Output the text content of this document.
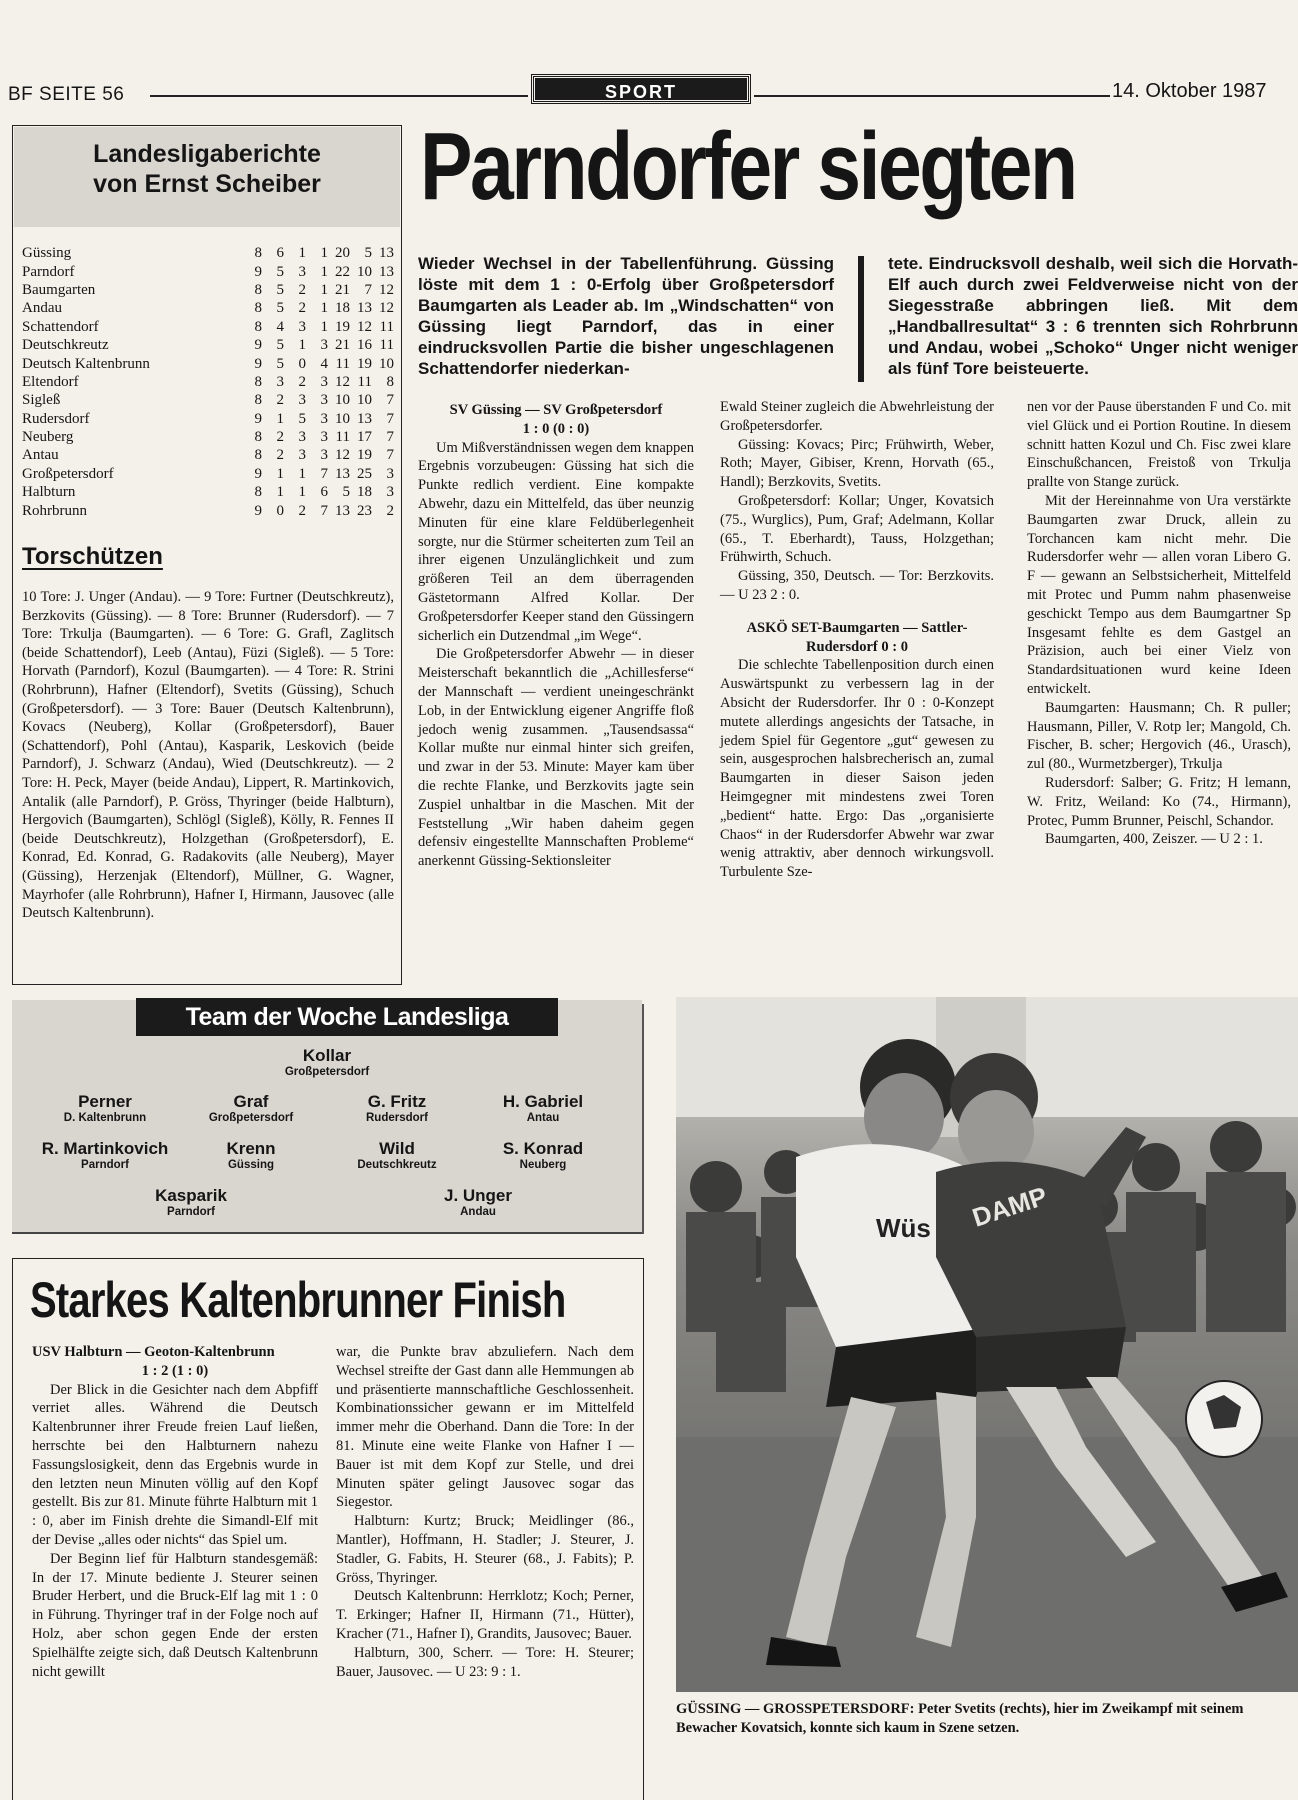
BF SEITE 56	SPORT	14. Oktober 1987
Landesligaberichte
von Ernst Scheiber
Güssing	8	6	1	1	20	5	13
Parndorf	9	5	3	1	22	10	13
Baumgarten	8	5	2	1	21	7	12
Andau	8	5	2	1	18	13	12
Schattendorf	8	4	3	1	19	12	11
Deutschkreutz	9	5	1	3	21	16	11
Deutsch Kaltenbrunn	9	5	0	4	11	19	10
Eltendorf	8	3	2	3	12	11	8
Sigleß	8	2	3	3	10	10	7
Rudersdorf	9	1	5	3	10	13	7
Neuberg	8	2	3	3	11	17	7
Antau	8	2	3	3	12	19	7
Großpetersdorf	9	1	1	7	13	25	3
Halbturn	8	1	1	6	5	18	3
Rohrbrunn	9	0	2	7	13	23	2
Torschützen
10 Tore: J. Unger (Andau). — 9 Tore: Furtner (Deutschkreutz), Berzkovits (Güssing). — 8 Tore: Brunner (Rudersdorf). — 7 Tore: Trkulja (Baumgarten). — 6 Tore: G. Grafl, Zaglitsch (beide Schattendorf), Leeb (Antau), Füzi (Sigleß). — 5 Tore: Horvath (Parndorf), Kozul (Baumgarten). — 4 Tore: R. Strini (Rohrbrunn), Hafner (Eltendorf), Svetits (Güssing), Schuch (Großpetersdorf). — 3 Tore: Bauer (Deutsch Kaltenbrunn), Kovacs (Neuberg), Kollar (Großpetersdorf), Bauer (Schattendorf), Pohl (Antau), Kasparik, Leskovich (beide Parndorf), J. Schwarz (Andau), Wied (Deutschkreutz). — 2 Tore: H. Peck, Mayer (beide Andau), Lippert, R. Martinkovich, Antalik (alle Parndorf), P. Gröss, Thyringer (beide Halbturn), Hergovich (Baumgarten), Schlögl (Sigleß), Kölly, R. Fennes II (beide Deutschkreutz), Holzgethan (Großpetersdorf), E. Konrad, Ed. Konrad, G. Radakovits (alle Neuberg), Mayer (Güssing), Herzenjak (Eltendorf), Müllner, G. Wagner, Mayrhofer (alle Rohrbrunn), Hafner I, Hirmann, Jausovec (alle Deutsch Kaltenbrunn).
Parndorfer siegten
Wieder Wechsel in der Tabellenführung. Güssing löste mit dem 1 : 0-Erfolg über Großpetersdorf Baumgarten als Leader ab. Im „Windschatten“ von Güssing liegt Parndorf, das in einer eindrucksvollen Partie die bisher ungeschlagenen Schattendorfer niederkan-
tete. Eindrucksvoll deshalb, weil sich die Horvath-Elf auch durch zwei Feldverweise nicht von der Siegesstraße abbringen ließ. Mit dem „Handballresultat“ 3 : 6 trennten sich Rohrbrunn und Andau, wobei „Schoko“ Unger nicht weniger als fünf Tore beisteuerte.

SV Güssing — SV Großpetersdorf

1 : 0 (0 : 0)

Um Mißverständnissen wegen dem knappen Ergebnis vorzubeugen: Güssing hat sich die Punkte redlich verdient. Eine kompakte Abwehr, dazu ein Mittelfeld, das über neunzig Minuten für eine klare Feldüberlegenheit sorgte, nur die Stürmer scheiterten zum Teil an ihrer eigenen Unzulänglichkeit und zum größeren Teil an dem überragenden Gästetormann Alfred Kollar. Der Großpetersdorfer Keeper stand den Güssingern sicherlich ein Dutzendmal „im Wege“.

Die Großpetersdorfer Abwehr — in dieser Meisterschaft bekanntlich die „Achillesferse“ der Mannschaft — verdient uneingeschränkt Lob, in der Entwicklung eigener Angriffe floß jedoch wenig zusammen. „Tausendsassa“ Kollar mußte nur einmal hinter sich greifen, und zwar in der 53. Minute: Mayer kam über die rechte Flanke, und Berzkovits jagte sein Zuspiel unhaltbar in die Maschen. Mit der Feststellung „Wir haben daheim gegen defensiv eingestellte Mannschaften Probleme“ anerkennt Güssing-Sektionsleiter

Ewald Steiner zugleich die Abwehrleistung der Großpetersdorfer.

Güssing: Kovacs; Pirc; Frühwirth, Weber, Roth; Mayer, Gibiser, Krenn, Horvath (65., Handl); Berzkovits, Svetits.

Großpetersdorf: Kollar; Unger, Kovatsich (75., Wurglics), Pum, Graf; Adelmann, Kollar (65., T. Eberhardt), Tauss, Holzgethan; Frühwirth, Schuch.

Güssing, 350, Deutsch. — Tor: Berzkovits. — U 23 2 : 0.

ASKÖ SET-Baumgarten — Sattler-Rudersdorf 0 : 0

Die schlechte Tabellenposition durch einen Auswärtspunkt zu verbessern lag in der Absicht der Rudersdorfer. Ihr 0 : 0-Konzept mutete allerdings angesichts der Tatsache, in jedem Spiel für Gegentore „gut“ gewesen zu sein, ausgesprochen halsbrecherisch an, zumal Baumgarten in dieser Saison jeden Heimgegner mit mindestens zwei Toren „bedient“ hatte. Ergo: Das „organisierte Chaos“ in der Rudersdorfer Abwehr war zwar wenig attraktiv, aber dennoch wirkungsvoll. Turbulente Sze-

nen vor der Pause überstanden F und Co. mit viel Glück und ei Portion Routine. In diesem schnitt hatten Kozul und Ch. Fisc zwei klare Einschußchancen, Freistoß von Trkulja prallte von Stange zurück.

Mit der Hereinnahme von Ura verstärkte Baumgarten zwar Druck, allein zu Torchancen kam nicht mehr. Die Rudersdorfer wehr — allen voran Libero G. F — gewann an Selbstsicherheit, Mittelfeld mit Protec und Pumm nahm phasenweise geschickt Tempo aus dem Baumgartner Sp Insgesamt fehlte es dem Gastgel an Präzision, auch bei einer Vielz von Standardsituationen wurd keine Ideen entwickelt.

Baumgarten: Hausmann; Ch. R puller; Hausmann, Piller, V. Rotp ler; Mangold, Ch. Fischer, B. scher; Hergovich (46., Urasch), zul (80., Wurmetzberger), Trkulja

Rudersdorf: Salber; G. Fritz; H lemann, W. Fritz, Weiland: Ko (74., Hirmann), Protec, Pumm Brunner, Peischl, Schandor.

Baumgarten, 400, Zeiszer. — U 2 : 1.

Team der Woche Landesliga
Kollar
Großpetersdorf
Perner
D. Kaltenbrunn
Graf
Großpetersdorf
G. Fritz
Rudersdorf
H. Gabriel
Antau
R. Martinkovich
Parndorf
Krenn
Güssing
Wild
Deutschkreutz
S. Konrad
Neuberg
Kasparik
Parndorf
J. Unger
Andau
Starkes Kaltenbrunner Finish

USV Halbturn — Geoton-Kaltenbrunn

1 : 2 (1 : 0)

Der Blick in die Gesichter nach dem Abpfiff verriet alles. Während die Deutsch Kaltenbrunner ihrer Freude freien Lauf ließen, herrschte bei den Halbturnern nahezu Fassungslosigkeit, denn das Ergebnis wurde in den letzten neun Minuten völlig auf den Kopf gestellt. Bis zur 81. Minute führte Halbturn mit 1 : 0, aber im Finish drehte die Simandl-Elf mit der Devise „alles oder nichts“ das Spiel um.

Der Beginn lief für Halbturn standesgemäß: In der 17. Minute bediente J. Steurer seinen Bruder Herbert, und die Bruck-Elf lag mit 1 : 0 in Führung. Thyringer traf in der Folge noch auf Holz, aber schon gegen Ende der ersten Spielhälfte zeigte sich, daß Deutsch Kaltenbrunn nicht gewillt

war, die Punkte brav abzuliefern. Nach dem Wechsel streifte der Gast dann alle Hemmungen ab und präsentierte mannschaftliche Geschlossenheit. Kombinationssicher gewann er im Mittelfeld immer mehr die Oberhand. Dann die Tore: In der 81. Minute eine weite Flanke von Hafner I — Bauer ist mit dem Kopf zur Stelle, und drei Minuten später gelingt Jausovec sogar das Siegestor.

Halbturn: Kurtz; Bruck; Meidlinger (86., Mantler), Hoffmann, H. Stadler; J. Steurer, J. Stadler, G. Fabits, H. Steurer (68., J. Fabits); P. Gröss, Thyringer.

Deutsch Kaltenbrunn: Herrklotz; Koch; Perner, T. Erkinger; Hafner II, Hirmann (71., Hütter), Kracher (71., Hafner I), Grandits, Jausovec; Bauer.

Halbturn, 300, Scherr. — Tore: H. Steurer; Bauer, Jausovec. — U 23: 9 : 1.

Wüs DAMP
GÜSSING — GROSSPETERSDORF: Peter Svetits (rechts), hier im Zweikampf mit seinem Bewacher Kovatsich, konnte sich kaum in Szene setzen.
